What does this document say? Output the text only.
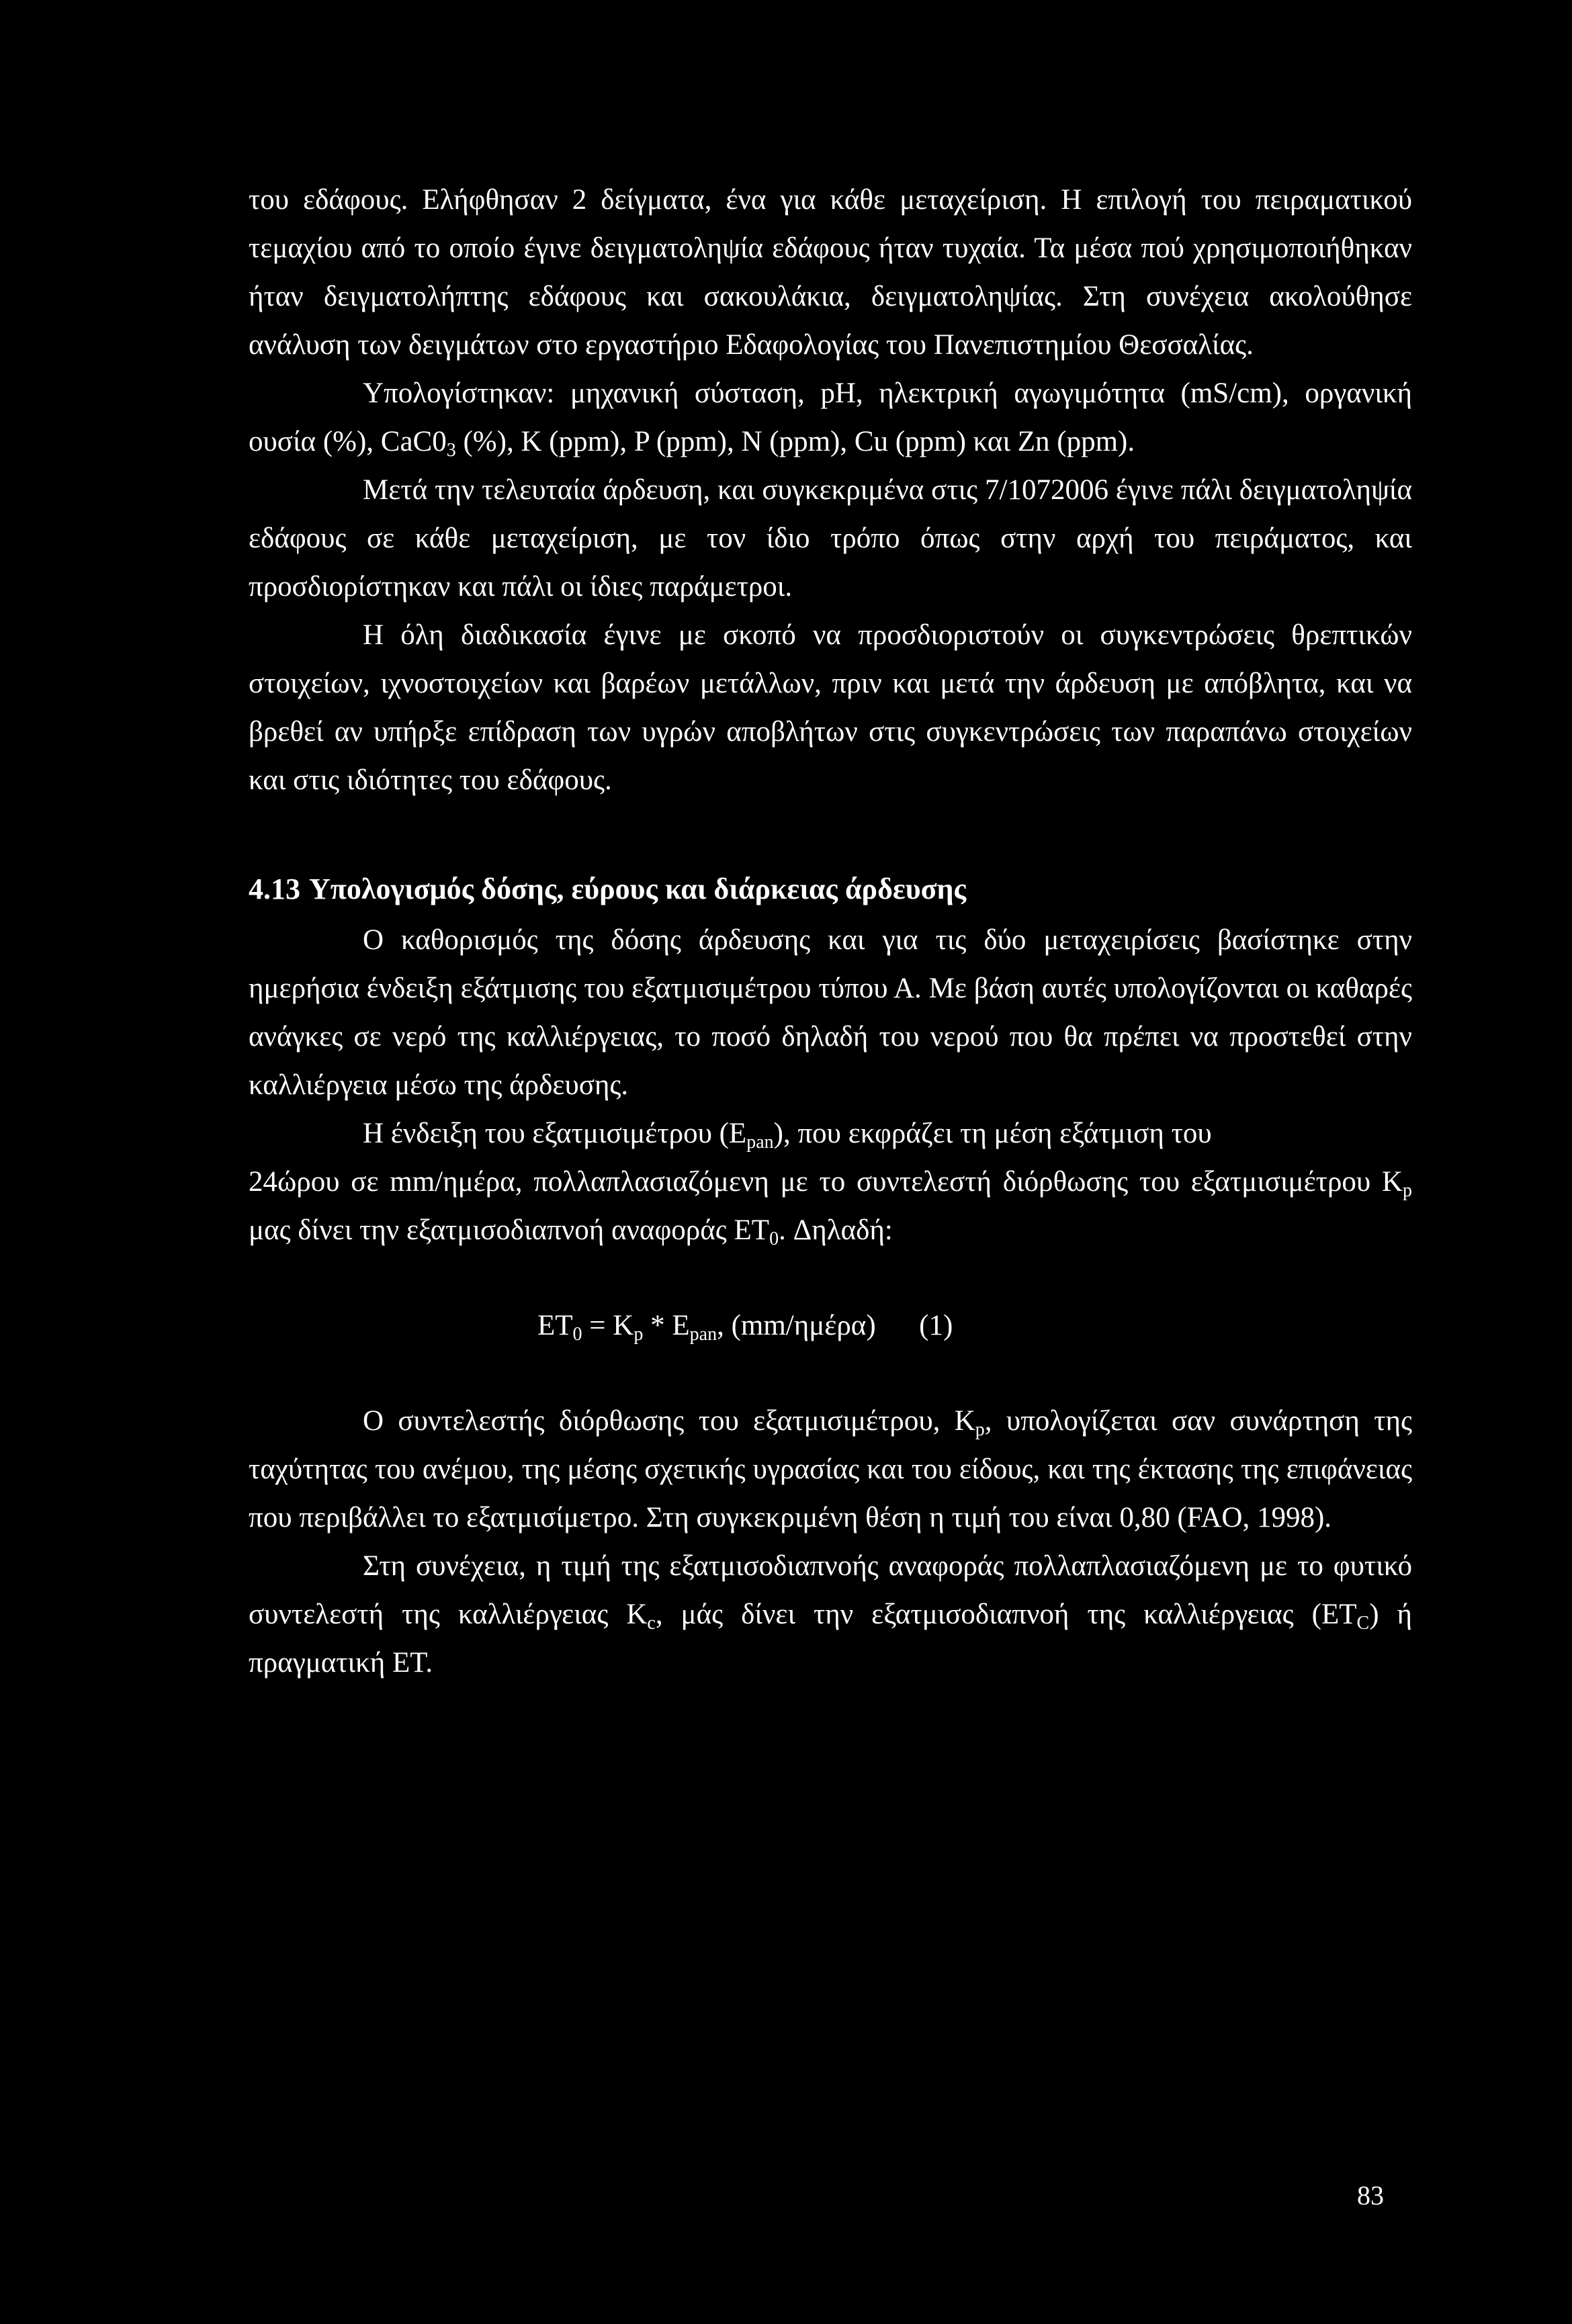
του εδάφους. Ελήφθησαν 2 δείγματα, ένα για κάθε μεταχείριση. Η επιλογή του πειραματικού τεμαχίου από το οποίο έγινε δειγματοληψία εδάφους ήταν τυχαία. Τα μέσα πού χρησιμοποιήθηκαν ήταν δειγματολήπτης εδάφους και σακουλάκια, δειγματοληψίας. Στη συνέχεια ακολούθησε ανάλυση των δειγμάτων στο εργαστήριο Εδαφολογίας του Πανεπιστημίου Θεσσαλίας.

Υπολογίστηκαν: μηχανική σύσταση, pH, ηλεκτρική αγωγιμότητα (mS/cm), οργανική ουσία (%), $CaC0_3$ (%), K (ppm), P (ppm), N (ppm), Cu (ppm) και Zn (ppm).

Μετά την τελευταία άρδευση, και συγκεκριμένα στις 7/1072006 έγινε πάλι δειγματοληψία εδάφους σε κάθε μεταχείριση, με τον ίδιο τρόπο όπως στην αρχή του πειράματος, και προσδιορίστηκαν και πάλι οι ίδιες παράμετροι.

Η όλη διαδικασία έγινε με σκοπό να προσδιοριστούν οι συγκεντρώσεις θρεπτικών στοιχείων, ιχνοστοιχείων και βαρέων μετάλλων, πριν και μετά την άρδευση με απόβλητα, και να βρεθεί αν υπήρξε επίδραση των υγρών αποβλήτων στις συγκεντρώσεις των παραπάνω στοιχείων και στις ιδιότητες του εδάφους.

4.13 Υπολογισμός δόσης, εύρους και διάρκειας άρδευσης

Ο καθορισμός της δόσης άρδευσης και για τις δύο μεταχειρίσεις βασίστηκε στην ημερήσια ένδειξη εξάτμισης του εξατμισιμέτρου τύπου Α. Με βάση αυτές υπολογίζονται οι καθαρές ανάγκες σε νερό της καλλιέργειας, το ποσό δηλαδή του νερού που θα πρέπει να προστεθεί στην καλλιέργεια μέσω της άρδευσης.

Η ένδειξη του εξατμισιμέτρου $(E_{pan})$, που εκφράζει τη μέση εξάτμιση του

24ώρου σε mm/ημέρα, πολλαπλασιαζόμενη με το συντελεστή διόρθωσης του εξατμισιμέτρου $K_p$ μας δίνει την εξατμισοδιαπνοή αναφοράς $ET_0$. Δηλαδή:

$ET_0 = K_p * E_{pan}$, (mm/ημέρα) (1)

Ο συντελεστής διόρθωσης του εξατμισιμέτρου, $K_p$, υπολογίζεται σαν συνάρτηση της ταχύτητας του ανέμου, της μέσης σχετικής υγρασίας και του είδους, και της έκτασης της επιφάνειας που περιβάλλει το εξατμισίμετρο. Στη συγκεκριμένη θέση η τιμή του είναι 0,80 (FAO, 1998).

Στη συνέχεια, η τιμή της εξατμισοδιαπνοής αναφοράς πολλαπλασιαζόμενη με το φυτικό συντελεστή της καλλιέργειας $K_c$, μάς δίνει την εξατμισοδιαπνοή της καλλιέργειας $(ET_C)$ ή πραγματική ET.

83
